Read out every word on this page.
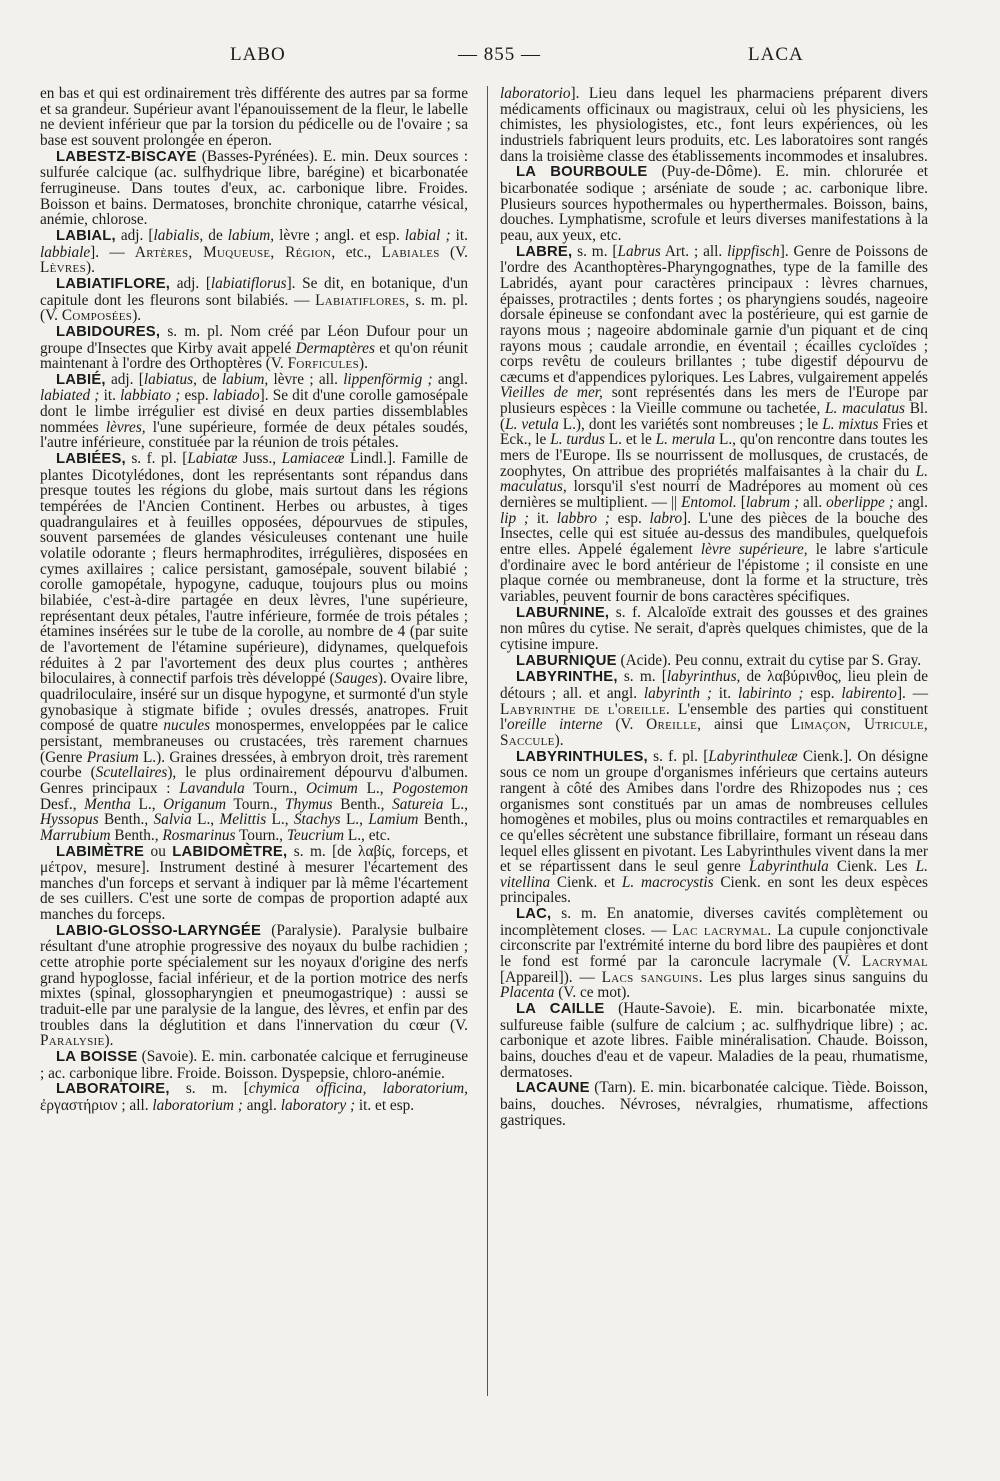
LABO	— 855 —	LACA

en bas et qui est ordinairement très différente des autres par sa forme et sa grandeur. Supérieur avant l'épanouissement de la fleur, le labelle ne devient inférieur que par la torsion du pédicelle ou de l'ovaire ; sa base est souvent prolongée en éperon.

LABESTZ-BISCAYE (Basses-Pyrénées). E. min. Deux sources : sulfurée calcique (ac. sulfhydrique libre, barégine) et bicarbonatée ferrugineuse. Dans toutes d'eux, ac. carbonique libre. Froides. Boisson et bains. Dermatoses, bronchite chronique, catarrhe vésical, anémie, chlorose.

LABIAL, adj. [labialis, de labium, lèvre ; angl. et esp. labial ; it. labbiale]. — Artères, Muqueuse, Région, etc., Labiales (V. Lèvres).

LABIATIFLORE, adj. [labiatiflorus]. Se dit, en botanique, d'un capitule dont les fleurons sont bilabiés. — Labiatiflores, s. m. pl. (V. Composées).

LABIDOURES, s. m. pl. Nom créé par Léon Dufour pour un groupe d'Insectes que Kirby avait appelé Dermaptères et qu'on réunit maintenant à l'ordre des Orthoptères (V. Forficules).

LABIÉ, adj. [labiatus, de labium, lèvre ; all. lippenförmig ; angl. labiated ; it. labbiato ; esp. labiado]. Se dit d'une corolle gamosépale dont le limbe irrégulier est divisé en deux parties dissemblables nommées lèvres, l'une supérieure, formée de deux pétales soudés, l'autre inférieure, constituée par la réunion de trois pétales.

LABIÉES, s. f. pl. [Labiatæ Juss., Lamiaceæ Lindl.]. Famille de plantes Dicotylédones, dont les représentants sont répandus dans presque toutes les régions du globe, mais surtout dans les régions tempérées de l'Ancien Continent. Herbes ou arbustes, à tiges quadrangulaires et à feuilles opposées, dépourvues de stipules, souvent parsemées de glandes vésiculeuses contenant une huile volatile odorante ; fleurs hermaphrodites, irrégulières, disposées en cymes axillaires ; calice persistant, gamosépale, souvent bilabié ; corolle gamopétale, hypogyne, caduque, toujours plus ou moins bilabiée, c'est-à-dire partagée en deux lèvres, l'une supérieure, représentant deux pétales, l'autre inférieure, formée de trois pétales ; étamines insérées sur le tube de la corolle, au nombre de 4 (par suite de l'avortement de l'étamine supérieure), didynames, quelquefois réduites à 2 par l'avortement des deux plus courtes ; anthères biloculaires, à connectif parfois très développé (Sauges). Ovaire libre, quadriloculaire, inséré sur un disque hypogyne, et surmonté d'un style gynobasique à stigmate bifide ; ovules dressés, anatropes. Fruit composé de quatre nucules monospermes, enveloppées par le calice persistant, membraneuses ou crustacées, très rarement charnues (Genre Prasium L.). Graines dressées, à embryon droit, très rarement courbe (Scutellaires), le plus ordinairement dépourvu d'albumen. Genres principaux : Lavandula Tourn., Ocimum L., Pogostemon Desf., Mentha L., Origanum Tourn., Thymus Benth., Satureia L., Hyssopus Benth., Salvia L., Melittis L., Stachys L., Lamium Benth., Marrubium Benth., Rosmarinus Tourn., Teucrium L., etc.

LABIMÈTRE ou LABIDOMÈTRE, s. m. [de λαβίς, forceps, et μέτρον, mesure]. Instrument destiné à mesurer l'écartement des manches d'un forceps et servant à indiquer par là même l'écartement de ses cuillers. C'est une sorte de compas de proportion adapté aux manches du forceps.

LABIO-GLOSSO-LARYNGÉE (Paralysie). Paralysie bulbaire résultant d'une atrophie progressive des noyaux du bulbe rachidien ; cette atrophie porte spécialement sur les noyaux d'origine des nerfs grand hypoglosse, facial inférieur, et de la portion motrice des nerfs mixtes (spinal, glossopharyngien et pneumogastrique) : aussi se traduit-elle par une paralysie de la langue, des lèvres, et enfin par des troubles dans la déglutition et dans l'innervation du cœur (V. Paralysie).

LA BOISSE (Savoie). E. min. carbonatée calcique et ferrugineuse ; ac. carbonique libre. Froide. Boisson. Dyspepsie, chloro-anémie.

LABORATOIRE, s. m. [chymica officina, laboratorium, ἐργαστήριον ; all. laboratorium ; angl. laboratory ; it. et esp.

laboratorio]. Lieu dans lequel les pharmaciens préparent divers médicaments officinaux ou magistraux, celui où les physiciens, les chimistes, les physiologistes, etc., font leurs expériences, où les industriels fabriquent leurs produits, etc. Les laboratoires sont rangés dans la troisième classe des établissements incommodes et insalubres.

LA BOURBOULE (Puy-de-Dôme). E. min. chlorurée et bicarbonatée sodique ; arséniate de soude ; ac. carbonique libre. Plusieurs sources hypothermales ou hyperthermales. Boisson, bains, douches. Lymphatisme, scrofule et leurs diverses manifestations à la peau, aux yeux, etc.

LABRE, s. m. [Labrus Art. ; all. lippfisch]. Genre de Poissons de l'ordre des Acanthoptères-Pharyngognathes, type de la famille des Labridés, ayant pour caractères principaux : lèvres charnues, épaisses, protractiles ; dents fortes ; os pharyngiens soudés, nageoire dorsale épineuse se confondant avec la postérieure, qui est garnie de rayons mous ; nageoire abdominale garnie d'un piquant et de cinq rayons mous ; caudale arrondie, en éventail ; écailles cycloïdes ; corps revêtu de couleurs brillantes ; tube digestif dépourvu de cæcums et d'appendices pyloriques. Les Labres, vulgairement appelés Vieilles de mer, sont représentés dans les mers de l'Europe par plusieurs espèces : la Vieille commune ou tachetée, L. maculatus Bl. (L. vetula L.), dont les variétés sont nombreuses ; le L. mixtus Fries et Eck., le L. turdus L. et le L. merula L., qu'on rencontre dans toutes les mers de l'Europe. Ils se nourrissent de mollusques, de crustacés, de zoophytes, On attribue des propriétés malfaisantes à la chair du L. maculatus, lorsqu'il s'est nourri de Madrépores au moment où ces dernières se multiplient. — || Entomol. [labrum ; all. oberlippe ; angl. lip ; it. labbro ; esp. labro]. L'une des pièces de la bouche des Insectes, celle qui est située au-dessus des mandibules, quelquefois entre elles. Appelé également lèvre supérieure, le labre s'articule d'ordinaire avec le bord antérieur de l'épistome ; il consiste en une plaque cornée ou membraneuse, dont la forme et la structure, très variables, peuvent fournir de bons caractères spécifiques.

LABURNINE, s. f. Alcaloïde extrait des gousses et des graines non mûres du cytise. Ne serait, d'après quelques chimistes, que de la cytisine impure.

LABURNIQUE (Acide). Peu connu, extrait du cytise par S. Gray.

LABYRINTHE, s. m. [labyrinthus, de λαβύρινθος, lieu plein de détours ; all. et angl. labyrinth ; it. labirinto ; esp. labirento]. — Labyrinthe de l'oreille. L'ensemble des parties qui constituent l'oreille interne (V. Oreille, ainsi que Limaçon, Utricule, Saccule).

LABYRINTHULES, s. f. pl. [Labyrinthuleæ Cienk.]. On désigne sous ce nom un groupe d'organismes inférieurs que certains auteurs rangent à côté des Amibes dans l'ordre des Rhizopodes nus ; ces organismes sont constitués par un amas de nombreuses cellules homogènes et mobiles, plus ou moins contractiles et remarquables en ce qu'elles sécrètent une substance fibrillaire, formant un réseau dans lequel elles glissent en pivotant. Les Labyrinthules vivent dans la mer et se répartissent dans le seul genre Labyrinthula Cienk. Les L. vitellina Cienk. et L. macrocystis Cienk. en sont les deux espèces principales.

LAC, s. m. En anatomie, diverses cavités complètement ou incomplètement closes. — Lac lacrymal. La cupule conjonctivale circonscrite par l'extrémité interne du bord libre des paupières et dont le fond est formé par la caroncule lacrymale (V. Lacrymal [Appareil]). — Lacs sanguins. Les plus larges sinus sanguins du Placenta (V. ce mot).

LA CAILLE (Haute-Savoie). E. min. bicarbonatée mixte, sulfureuse faible (sulfure de calcium ; ac. sulfhydrique libre) ; ac. carbonique et azote libres. Faible minéralisation. Chaude. Boisson, bains, douches d'eau et de vapeur. Maladies de la peau, rhumatisme, dermatoses.

LACAUNE (Tarn). E. min. bicarbonatée calcique. Tiède. Boisson, bains, douches. Névroses, névralgies, rhumatisme, affections gastriques.
